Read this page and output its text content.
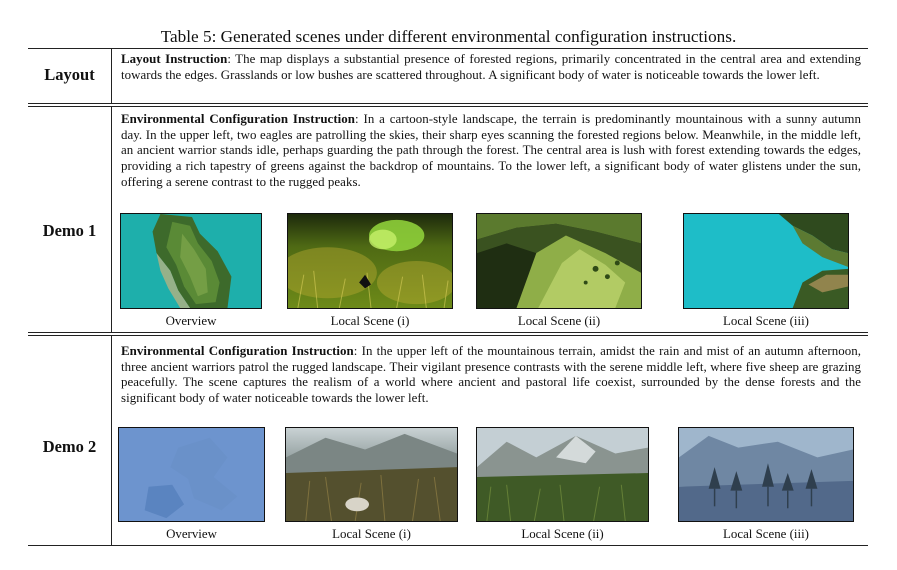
Table 5: Generated scenes under different environmental configuration instructions.
Layout
Layout Instruction: The map displays a substantial presence of forested regions, primarily concentrated in the central area and extending towards the edges. Grasslands or low bushes are scattered throughout. A significant body of water is noticeable towards the lower left.
Demo 1
Environmental Configuration Instruction: In a cartoon-style landscape, the terrain is predominantly mountainous with a sunny autumn day. In the upper left, two eagles are patrolling the skies, their sharp eyes scanning the forested regions below. Meanwhile, in the middle left, an ancient warrior stands idle, perhaps guarding the path through the forest. The central area is lush with forest extending towards the edges, providing a rich tapestry of greens against the backdrop of mountains. To the lower left, a significant body of water glistens under the sun, offering a serene contrast to the rugged peaks.
Overview	Local Scene (i)	Local Scene (ii)	Local Scene (iii)
Demo 2
Environmental Configuration Instruction: In the upper left of the mountainous terrain, amidst the rain and mist of an autumn afternoon, three ancient warriors patrol the rugged landscape. Their vigilant presence contrasts with the serene middle left, where five sheep are grazing peacefully. The scene captures the realism of a world where ancient and pastoral life coexist, surrounded by the dense forests and the significant body of water noticeable towards the lower left.
Overview	Local Scene (i)	Local Scene (ii)	Local Scene (iii)
